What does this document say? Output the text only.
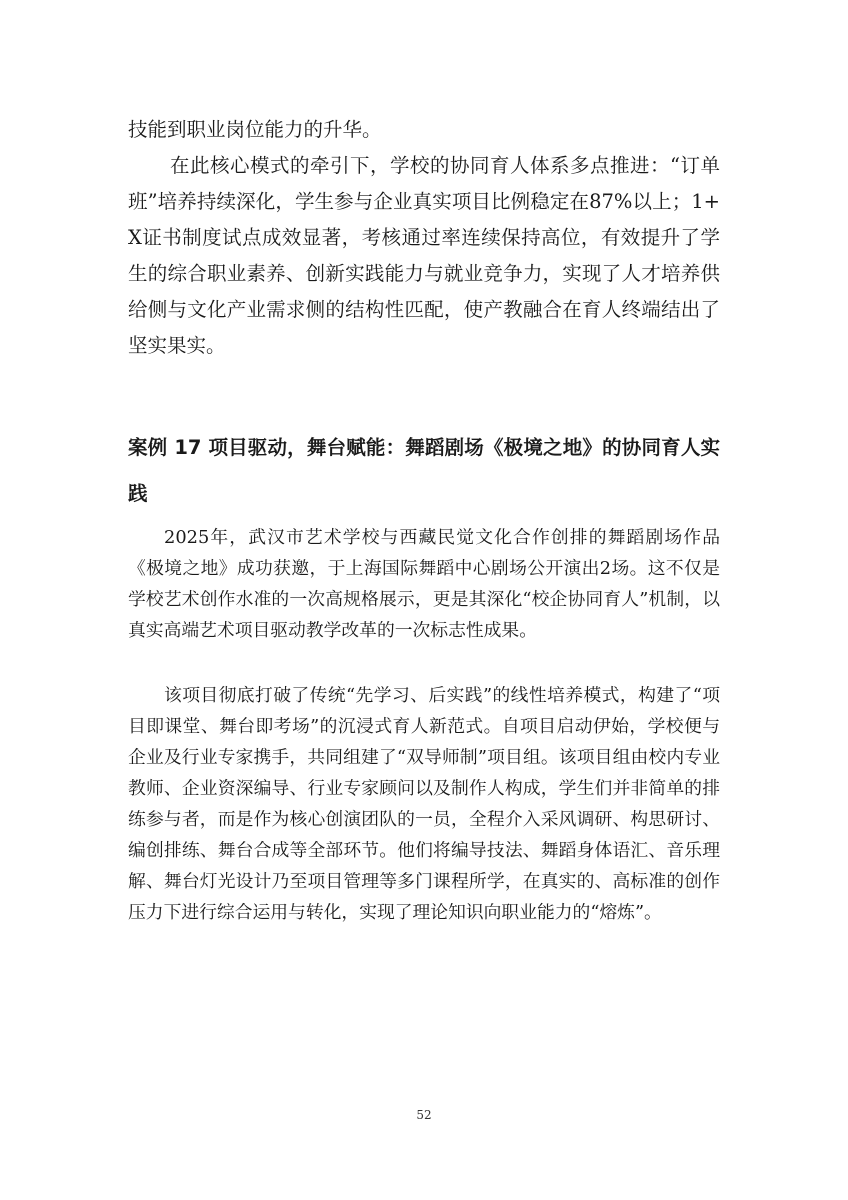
技能到职业岗位能力的升华。

在此核心模式的牵引下，学校的协同育人体系多点推进：“订单班”培养持续深化，学生参与企业真实项目比例稳定在87%以上；1+X证书制度试点成效显著，考核通过率连续保持高位，有效提升了学生的综合职业素养、创新实践能力与就业竞争力，实现了人才培养供给侧与文化产业需求侧的结构性匹配，使产教融合在育人终端结出了坚实果实。

案例 17 项目驱动，舞台赋能：舞蹈剧场《极境之地》的协同育人实践

2025年，武汉市艺术学校与西藏民觉文化合作创排的舞蹈剧场作品《极境之地》成功获邀，于上海国际舞蹈中心剧场公开演出2场。这不仅是学校艺术创作水准的一次高规格展示，更是其深化“校企协同育人”机制，以真实高端艺术项目驱动教学改革的一次标志性成果。

该项目彻底打破了传统“先学习、后实践”的线性培养模式，构建了“项目即课堂、舞台即考场”的沉浸式育人新范式。自项目启动伊始，学校便与企业及行业专家携手，共同组建了“双导师制”项目组。该项目组由校内专业教师、企业资深编导、行业专家顾问以及制作人构成，学生们并非简单的排练参与者，而是作为核心创演团队的一员，全程介入采风调研、构思研讨、编创排练、舞台合成等全部环节。他们将编导技法、舞蹈身体语汇、音乐理解、舞台灯光设计乃至项目管理等多门课程所学，在真实的、高标准的创作压力下进行综合运用与转化，实现了理论知识向职业能力的“熔炼”。

52
